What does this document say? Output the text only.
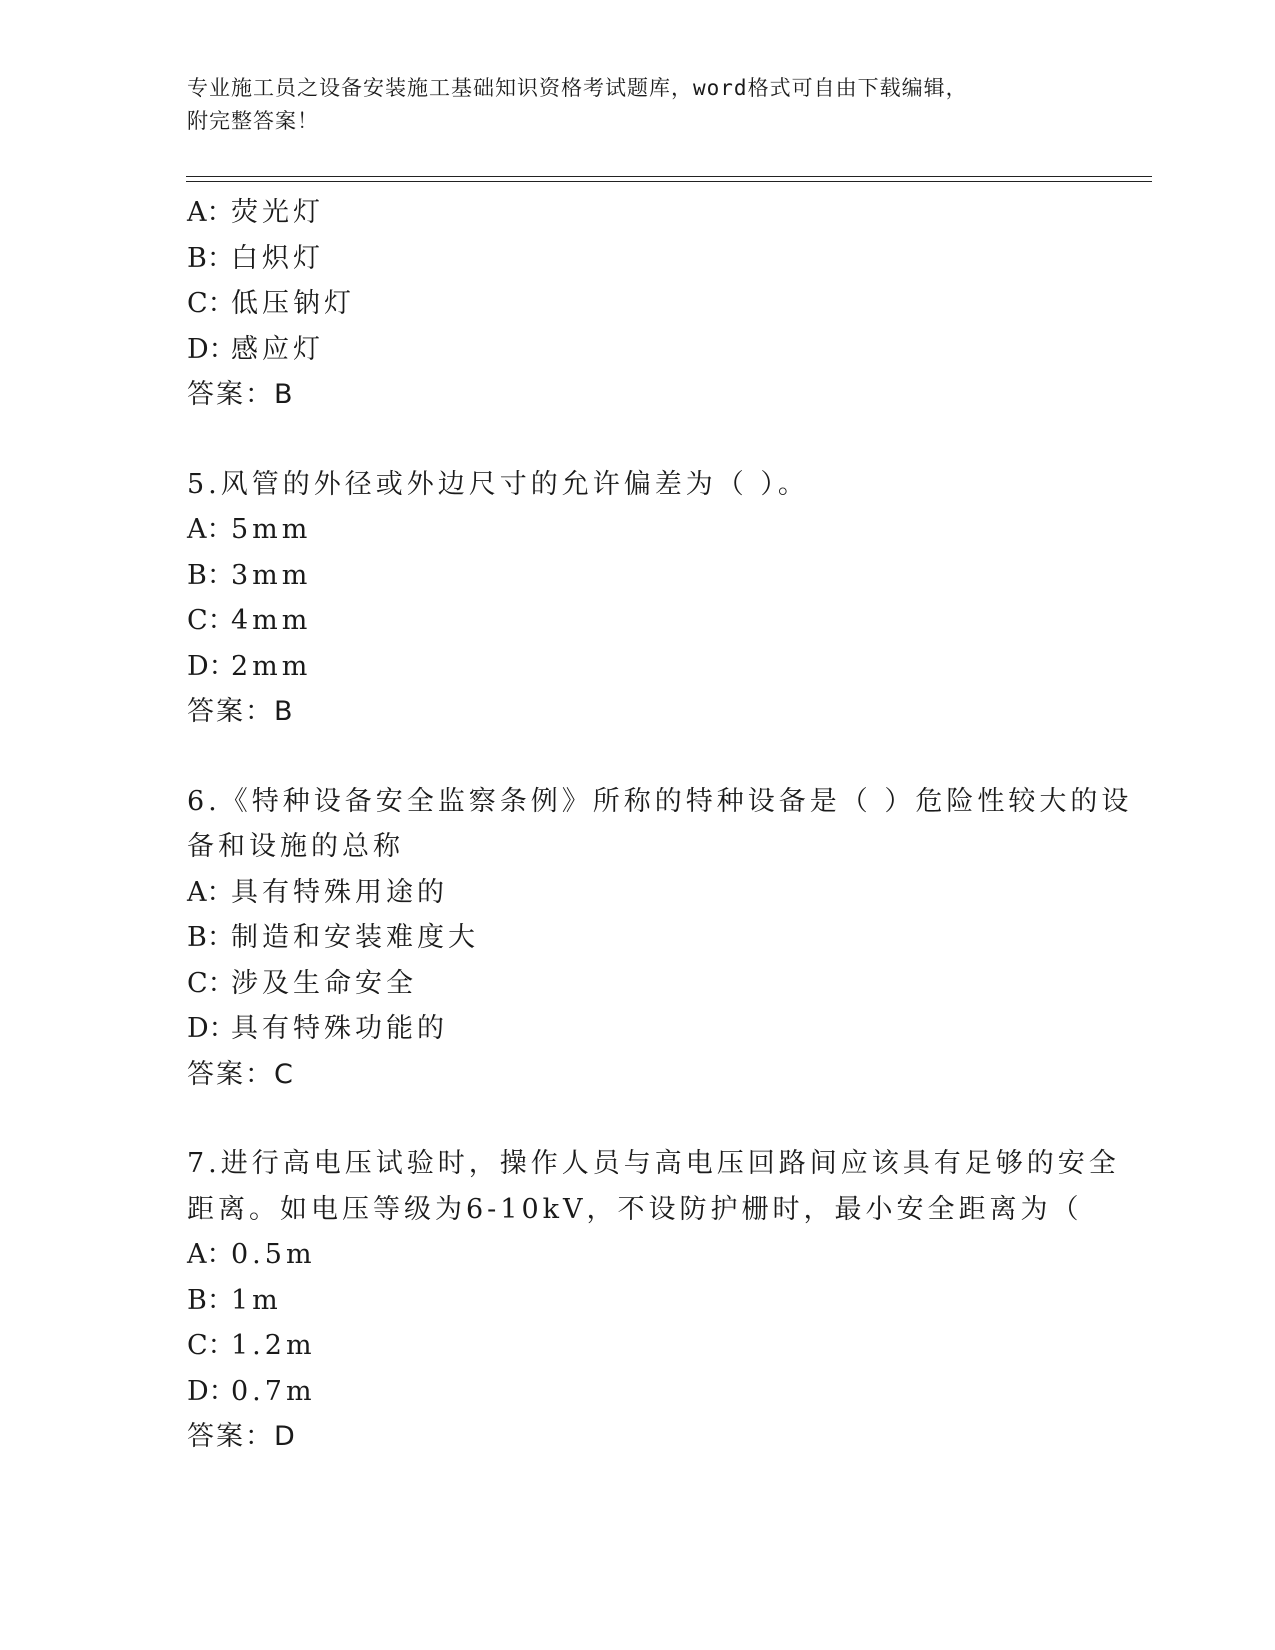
专业施工员之设备安装施工基础知识资格考试题库，word格式可自由下载编辑，
附完整答案！
A：荧光灯
B：白炽灯
C：低压钠灯
D：感应灯
答案：B
5.风管的外径或外边尺寸的允许偏差为（ ）。
A：5mm
B：3mm
C：4mm
D：2mm
答案：B
6.《特种设备安全监察条例》所称的特种设备是（ ）危险性较大的设
备和设施的总称
A：具有特殊用途的
B：制造和安装难度大
C：涉及生命安全
D：具有特殊功能的
答案：C
7.进行高电压试验时，操作人员与高电压回路间应该具有足够的安全
距离。如电压等级为6-10kV，不设防护栅时，最小安全距离为（
A：0.5m
B：1m
C：1.2m
D：0.7m
答案：D
